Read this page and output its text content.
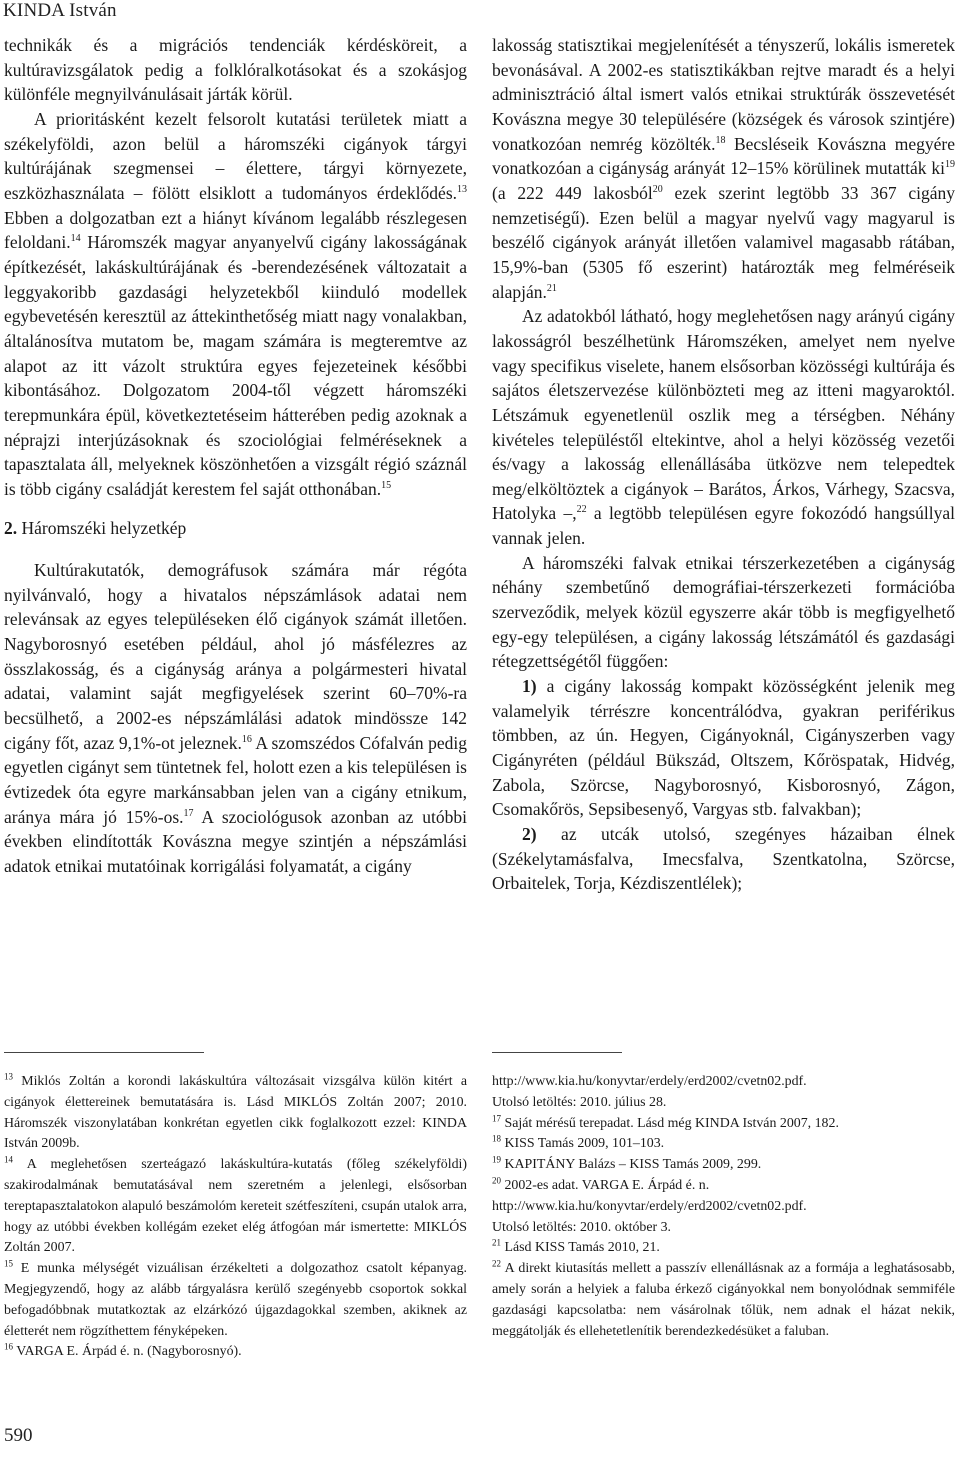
KINDA István

technikák és a migrációs tendenciák kérdésköreit, a kultúravizsgálatok pedig a folklóralkotásokat és a szokásjog különféle megnyilvánulásait járták körül.

A prioritásként kezelt felsorolt kutatási területek miatt a székelyföldi, azon belül a háromszéki cigányok tárgyi kultúrájának szegmensei – élettere, tárgyi környezete, eszközhasználata – fölött elsiklott a tudományos érdeklődés.$^{13}$ Ebben a dolgozatban ezt a hiányt kívánom legalább részlegesen feloldani.$^{14}$ Háromszék magyar anyanyelvű cigány lakosságának építkezését, lakáskultúrájának és -berendezésének változatait a leggyakoribb gazdasági helyzetekből kiinduló modellek egybevetésén keresztül az áttekinthetőség miatt nagy vonalakban, általánosítva mutatom be, magam számára is megteremtve az alapot az itt vázolt struktúra egyes fejezeteinek későbbi kibontásához. Dolgozatom 2004-től végzett háromszéki terepmunkára épül, következtetéseim hátterében pedig azoknak a néprajzi interjúzásoknak és szociológiai felméréseknek a tapasztalata áll, melyeknek köszönhetően a vizsgált régió száznál is több cigány családját kerestem fel saját otthonában.$^{15}$

2. Háromszéki helyzetkép

Kultúrakutatók, demográfusok számára már régóta nyilvánvaló, hogy a hivatalos népszámlások adatai nem relevánsak az egyes településeken élő cigányok számát illetően. Nagyborosnyó esetében például, ahol jó másfélezres az összlakosság, és a cigányság aránya a polgármesteri hivatal adatai, valamint saját megfigyelések szerint 60–70%-ra becsülhető, a 2002-es népszámlálási adatok mindössze 142 cigány főt, azaz 9,1%-ot jeleznek.$^{16}$ A szomszédos Cófalván pedig egyetlen cigányt sem tüntetnek fel, holott ezen a kis településen is évtizedek óta egyre markánsabban jelen van a cigány etnikum, aránya mára jó 15%-os.$^{17}$ A szociológusok azonban az utóbbi években elindították Kovászna megye szintjén a népszámlási adatok etnikai mutatóinak korrigálási folyamatát, a cigány

lakosság statisztikai megjelenítését a tényszerű, lokális ismeretek bevonásával. A 2002-es statisztikákban rejtve maradt és a helyi adminisztráció által ismert valós etnikai struktúrák összevetését Kovászna megye 30 településére (községek és városok szintjére) vonatkozóan nemrég közölték.$^{18}$ Becsléseik Kovászna megyére vonatkozóan a cigányság arányát 12–15% körülinek mutatták $ki^{19}$ (a 222 449 lakosból$^{20}$ ezek szerint legtöbb 33 367 cigány nemzetiségű). Ezen belül a magyar nyelvű vagy magyarul is beszélő cigányok arányát illetően valamivel magasabb rátában, 15,9%-ban (5305 fő eszerint) határozták meg felméréseik alapján.$^{21}$

Az adatokból látható, hogy meglehetősen nagy arányú cigány lakosságról beszélhetünk Háromszéken, amelyet nem nyelve vagy specifikus viselete, hanem elsősorban közösségi kultúrája és sajátos életszervezése különbözteti meg az itteni magyaroktól. Létszámuk egyenetlenül oszlik meg a térségben. Néhány kivételes településtől eltekintve, ahol a helyi közösség vezetői és/vagy a lakosság ellenállásába ütközve nem telepedtek meg/elköltöztek a cigányok – Barátos, Árkos, Várhegy, Szacsva, Hatolyka –,$^{22}$ a legtöbb településen egyre fokozódó hangsúllyal vannak jelen.

A háromszéki falvak etnikai térszerkezetében a cigányság néhány szembetűnő demográfiai-térszerkezeti formációba szerveződik, melyek közül egyszerre akár több is megfigyelhető egy-egy településen, a cigány lakosság létszámától és gazdasági rétegzettségétől függően:

1) a cigány lakosság kompakt közösségként jelenik meg valamelyik térrészre koncentrálódva, gyakran periférikus tömbben, az ún. Hegyen, Cigányoknál, Cigányszerben vagy Cigányréten (például Bükszád, Oltszem, Kőröspatak, Hidvég, Zabola, Szörcse, Nagyborosnyó, Kisborosnyó, Zágon, Csomakőrös, Sepsibesenyő, Vargyas stb. falvakban);

2) az utcák utolsó, szegényes házaiban élnek (Székelytamásfalva, Imecsfalva, Szentkatolna, Szörcse, Orbaitelek, Torja, Kézdiszentlélek);

$^{13}$ Miklós Zoltán a korondi lakáskultúra változásait vizsgálva külön kitért a cigányok élettereinek bemutatására is. Lásd MIKLÓS Zoltán 2007; 2010. Háromszék viszonylatában konkrétan egyetlen cikk foglalkozott ezzel: KINDA István 2009b.

$^{14}$ A meglehetősen szerteágazó lakáskultúra-kutatás (főleg székelyföldi) szakirodalmának bemutatásával nem szeretném a jelenlegi, elsősorban tereptapasztalatokon alapuló beszámolóm kereteit szétfeszíteni, csupán utalok arra, hogy az utóbbi években kollégám ezeket elég átfogóan már ismertette: MIKLÓS Zoltán 2007.

$^{15}$ E munka mélységét vizuálisan érzékelteti a dolgozathoz csatolt képanyag. Megjegyzendő, hogy az alább tárgyalásra kerülő szegényebb csoportok sokkal befogadóbbnak mutatkoztak az elzárkózó újgazdagokkal szemben, akiknek az életterét nem rögzíthettem fényképeken.

$^{16}$ VARGA E. Árpád é. n. (Nagyborosnyó).

http://www.kia.hu/konyvtar/erdely/erd2002/cvetn02.pdf.

Utolsó letöltés: 2010. július 28.

$^{17}$ Saját mérésű terepadat. Lásd még KINDA István 2007, 182.

$^{18}$ KISS Tamás 2009, 101–103.

$^{19}$ KAPITÁNY Balázs – KISS Tamás 2009, 299.

$^{20}$ 2002-es adat. VARGA E. Árpád é. n.

http://www.kia.hu/konyvtar/erdely/erd2002/cvetn02.pdf.

Utolsó letöltés: 2010. október 3.

$^{21}$ Lásd KISS Tamás 2010, 21.

$^{22}$ A direkt kiutasítás mellett a passzív ellenállásnak az a formája a leghatásosabb, amely során a helyiek a faluba érkező cigányokkal nem bonyolódnak semmiféle gazdasági kapcsolatba: nem vásárolnak tőlük, nem adnak el házat nekik, meggátolják és ellehetetlenítik berendezkedésüket a faluban.

590
